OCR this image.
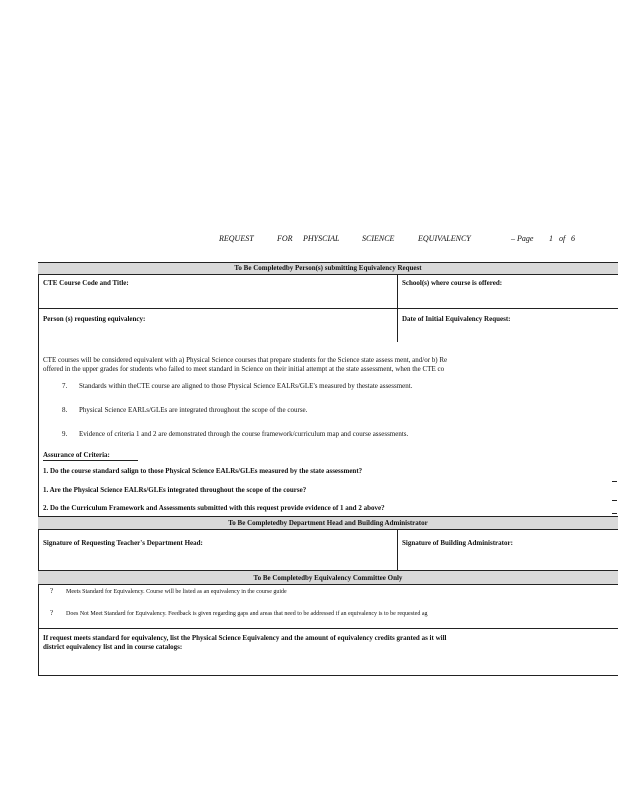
REQUEST	FOR PHYSCIAL	SCIENCE	EQUIVALENCY	– Page 1 of 6
To Be Completedby Person(s) submitting Equivalency Request
CTE Course Code and Title:	School(s) where course is offered:
Person (s) requesting equivalency:	Date of Initial Equivalency Request:
CTE courses will be considered equivalent with a) Physical Science courses that prepare students for the Science state assess ment, and/or b) Re
offered in the upper grades for students who failed to meet standard in Science on their initial attempt at the state assessment, when the CTE co
7. Standards within theCTE course are aligned to those Physical Science EALRs/GLE's measured by thestate assessment.
8. Physical Science EARLs/GLEs are integrated throughout the scope of the course.
9. Evidence of criteria 1 and 2 are demonstrated through the course framework/curriculum map and course assessments.
Assurance of Criteria:
1. Do the course standard salign to those Physical Science EALRs/GLEs measured by the state assessment?
1. Are the Physical Science EALRs/GLEs integrated throughout the scope of the course?
2. Do the Curriculum Framework and Assessments submitted with this request provide evidence of 1 and 2 above?
To Be Completedby Department Head and Building Administrator
Signature of Requesting Teacher's Department Head:	Signature of Building Administrator:
To Be Completedby Equivalency Committee Only
? Meets Standard for Equivalency. Course will be listed as an equivalency in the course guide
? Does Not Meet Standard for Equivalency. Feedback is given regarding gaps and areas that need to be addressed if an equivalency is to be requested ag
If request meets standard for equivalency, list the Physical Science Equivalency and the amount of equivalency credits granted as it will
district equivalency list and in course catalogs:
